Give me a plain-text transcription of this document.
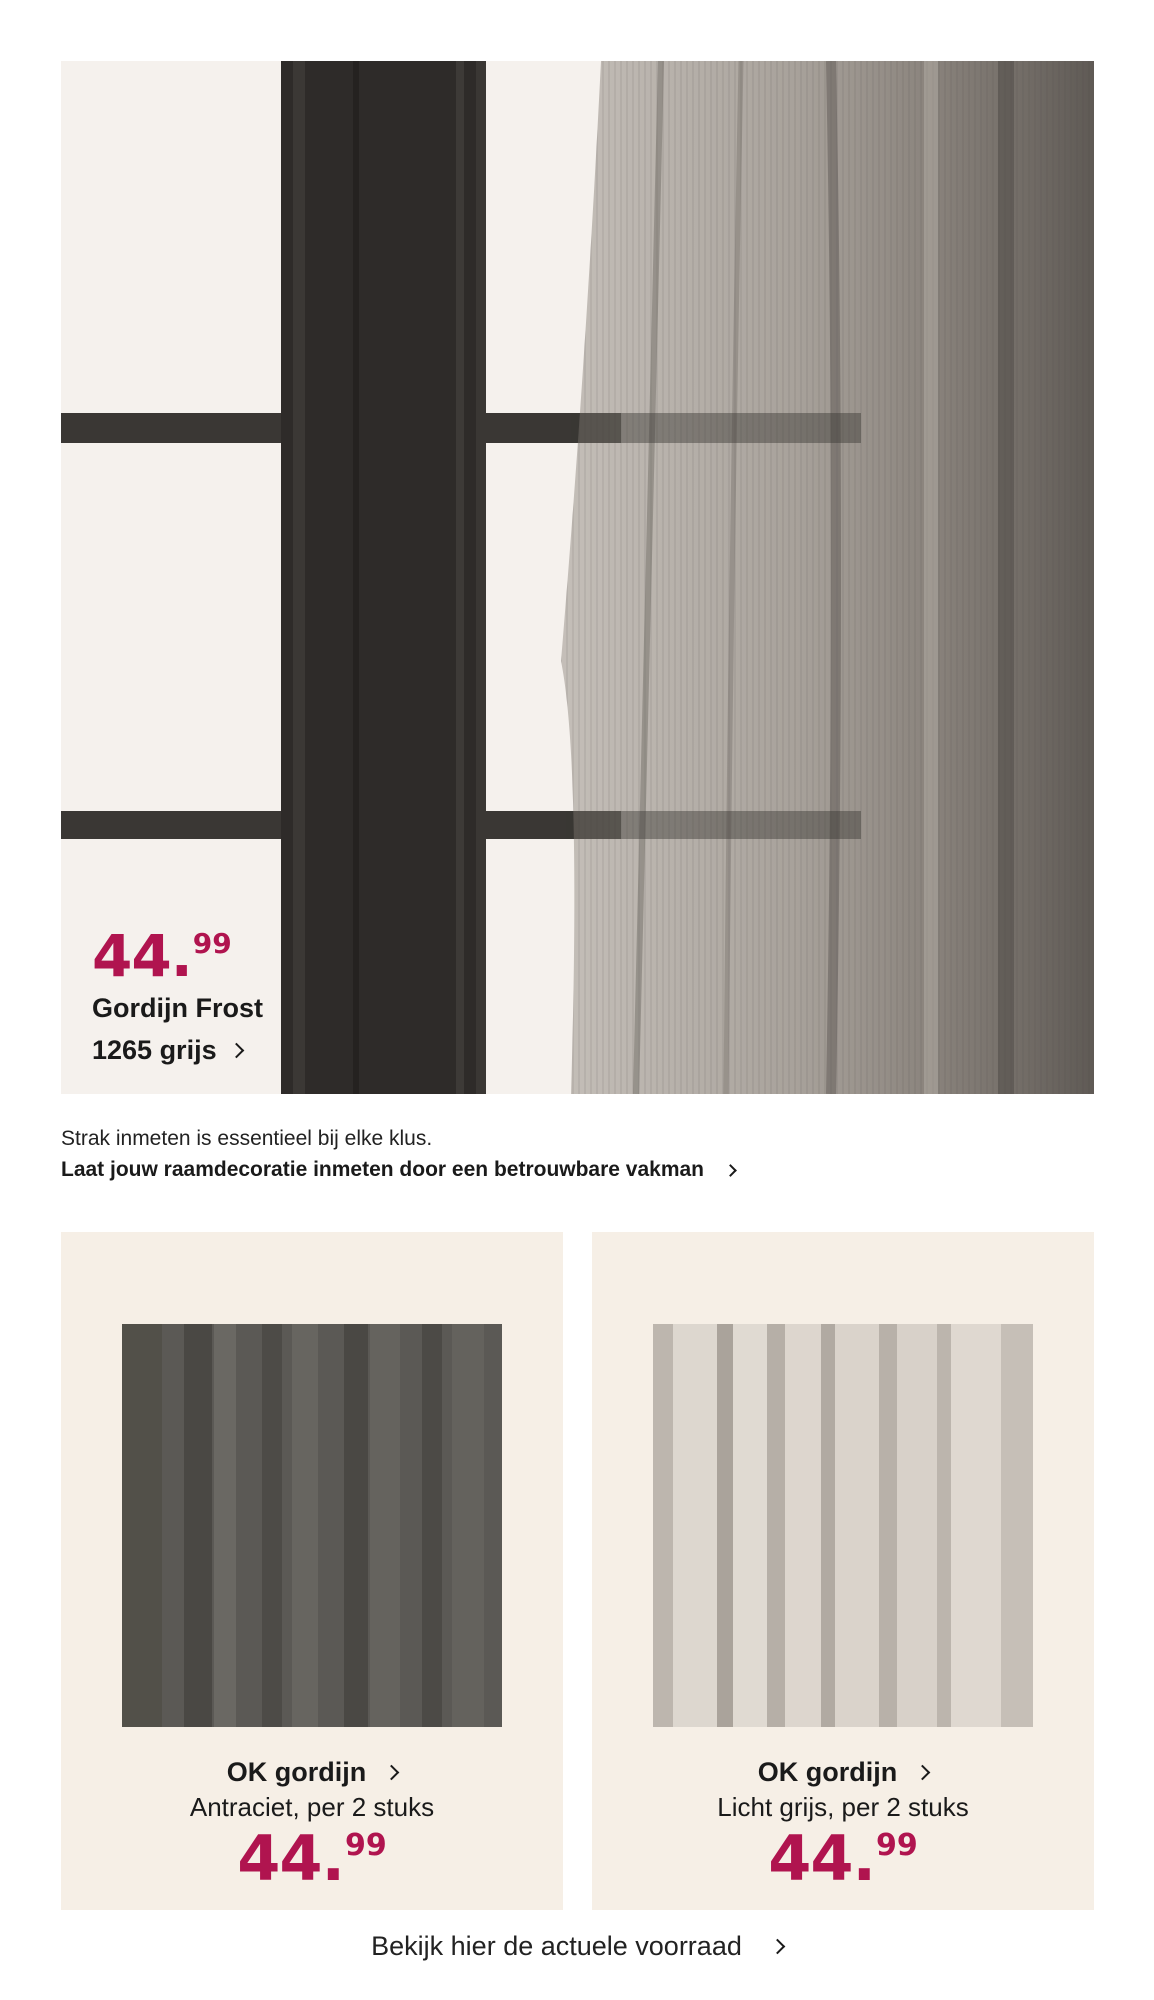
44 . 99
Gordijn Frost
1265 grijs
Strak inmeten is essentieel bij elke klus.
Laat jouw raamdecoratie inmeten door een betrouwbare vakman
OK gordijn
Antraciet, per 2 stuks
44 . 99
OK gordijn
Licht grijs, per 2 stuks
44 . 99
Bekijk hier de actuele voorraad
